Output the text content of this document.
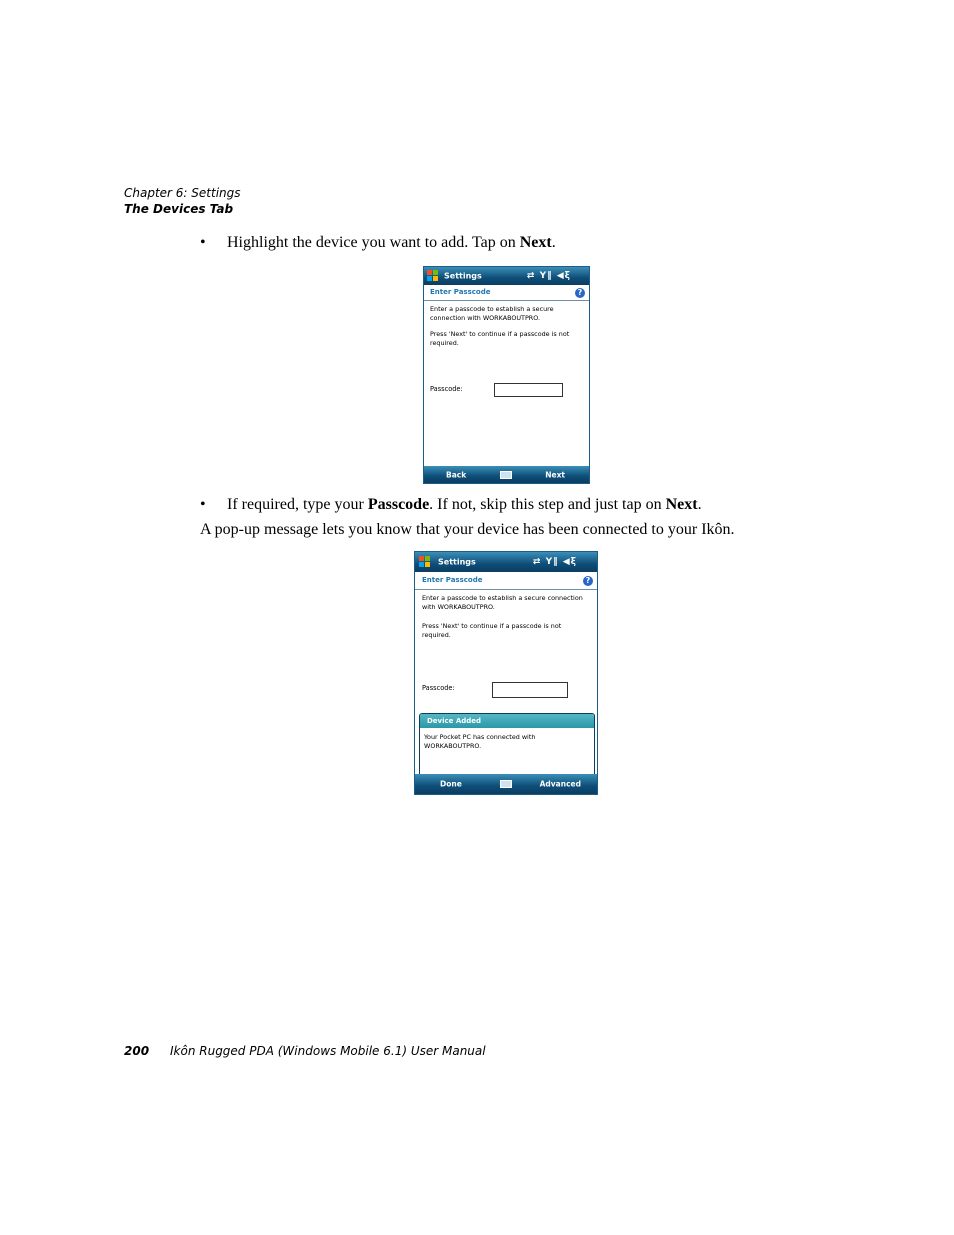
Chapter 6: Settings
The Devices Tab
• Highlight the device you want to add. Tap on Next.
Settings	⇄ Y‖ ◀ξ
Enter Passcode	?
Enter a passcode to establish a secure connection with WORKABOUTPRO.
Press 'Next' to continue if a passcode is not required.
Passcode:
Back	Next
• If required, type your Passcode. If not, skip this step and just tap on Next.
A pop-up message lets you know that your device has been connected to your Ikôn.
Settings	⇄ Y‖ ◀ξ
Enter Passcode	?
Enter a passcode to establish a secure connection with WORKABOUTPRO.
Press 'Next' to continue if a passcode is not required.
Passcode:
Device Added
Your Pocket PC has connected with WORKABOUTPRO.
Done	Advanced
200 Ikôn Rugged PDA (Windows Mobile 6.1) User Manual
